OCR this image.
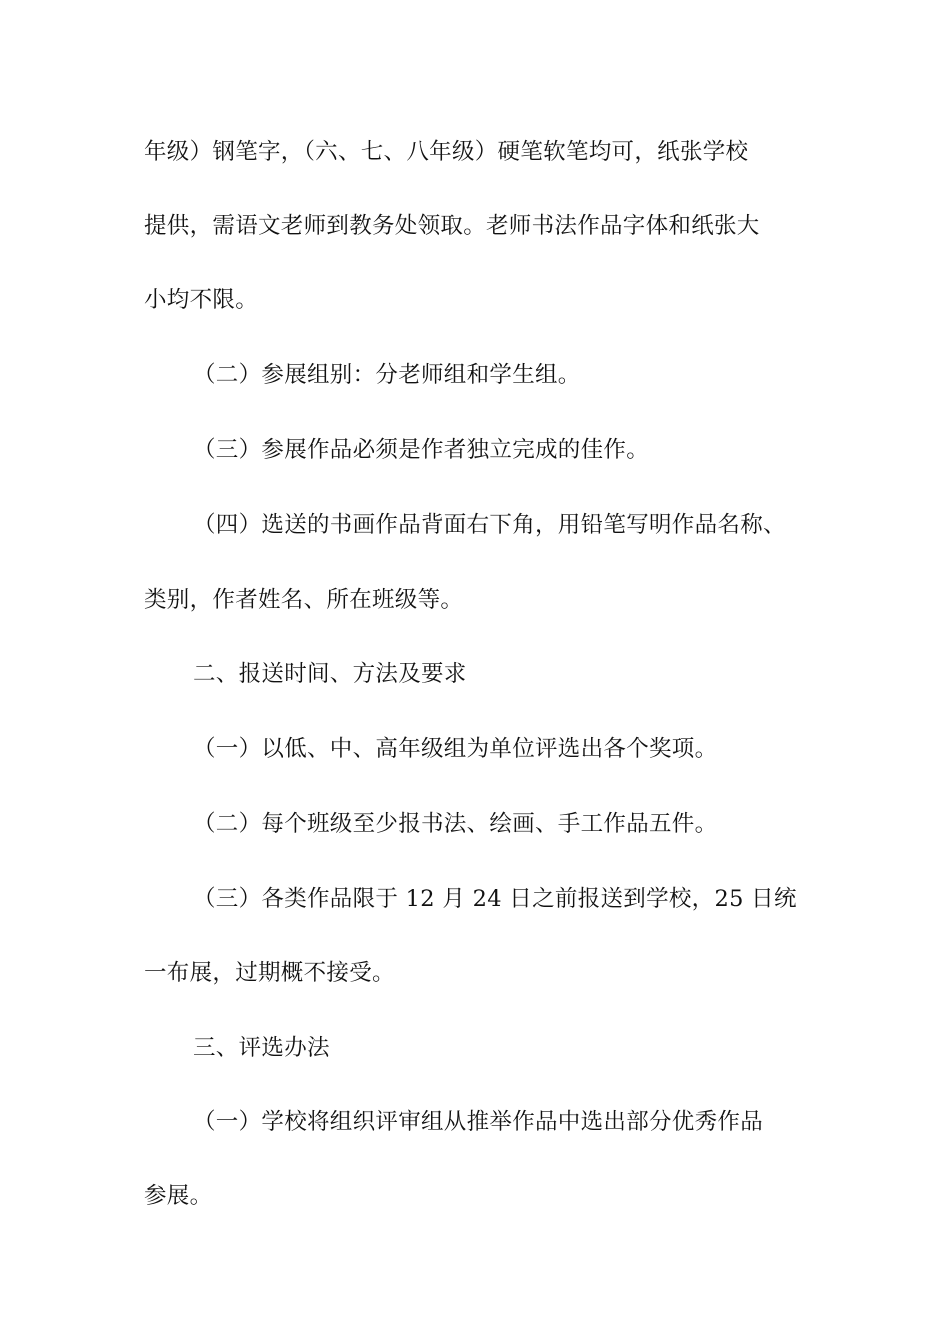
年级）钢笔字，（六、七、八年级）硬笔软笔均可，纸张学校
提供，需语文老师到教务处领取。老师书法作品字体和纸张大
小均不限。
（二）参展组别：分老师组和学生组。
（三）参展作品必须是作者独立完成的佳作。
（四）选送的书画作品背面右下角，用铅笔写明作品名称、
类别，作者姓名、所在班级等。
二、报送时间、方法及要求
（一）以低、中、高年级组为单位评选出各个奖项。
（二）每个班级至少报书法、绘画、手工作品五件。
（三）各类作品限于 12 月 24 日之前报送到学校，25 日统
一布展，过期概不接受。
三、评选办法
（一）学校将组织评审组从推举作品中选出部分优秀作品
参展。
